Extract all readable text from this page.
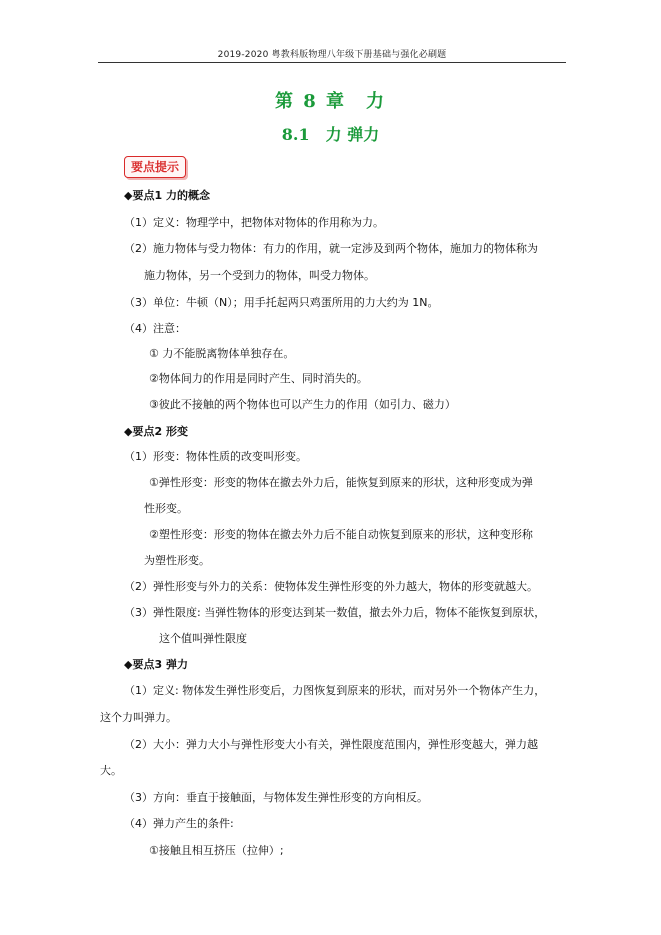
2019-2020 粤教科版物理八年级下册基础与强化必刷题
第 8 章　力
8.1　力 弹力
要点提示
◆要点1 力的概念
（1）定义：物理学中，把物体对物体的作用称为力。
（2）施力物体与受力物体：有力的作用，就一定涉及到两个物体，施加力的物体称为
施力物体，另一个受到力的物体，叫受力物体。
（3）单位：牛顿（N）；用手托起两只鸡蛋所用的力大约为 1N。
（4）注意：
① 力不能脱离物体单独存在。
②物体间力的作用是同时产生、同时消失的。
③彼此不接触的两个物体也可以产生力的作用（如引力、磁力）
◆要点2 形变
（1）形变：物体性质的改变叫形变。
①弹性形变：形变的物体在撤去外力后，能恢复到原来的形状，这种形变成为弹
性形变。
②塑性形变：形变的物体在撤去外力后不能自动恢复到原来的形状，这种变形称
为塑性形变。
（2）弹性形变与外力的关系：使物体发生弹性形变的外力越大，物体的形变就越大。
（3）弹性限度: 当弹性物体的形变达到某一数值，撤去外力后，物体不能恢复到原状，
这个值叫弹性限度
◆要点3 弹力
（1）定义: 物体发生弹性形变后，力图恢复到原来的形状，而对另外一个物体产生力，
这个力叫弹力。
（2）大小：弹力大小与弹性形变大小有关，弹性限度范围内，弹性形变越大，弹力越
大。
（3）方向：垂直于接触面，与物体发生弹性形变的方向相反。
（4）弹力产生的条件:
①接触且相互挤压（拉伸）;
